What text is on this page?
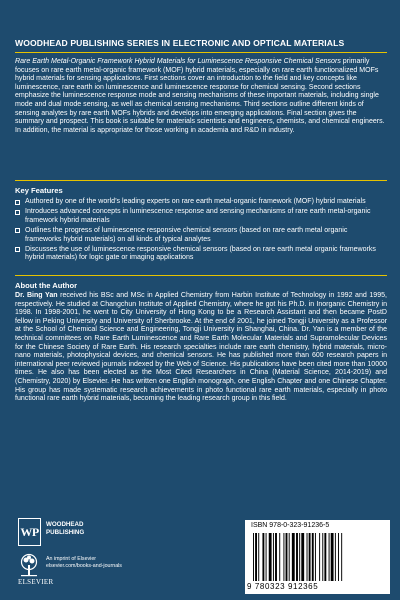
WOODHEAD PUBLISHING SERIES IN ELECTRONIC AND OPTICAL MATERIALS
Rare Earth Metal-Organic Framework Hybrid Materials for Luminescence Responsive Chemical Sensors primarily focuses on rare earth metal-organic framework (MOF) hybrid materials, especially on rare earth functionalized MOFs hybrid materials for sensing applications. First sections cover an introduction to the field and key concepts like luminescence, rare earth ion luminescence and luminescence response for chemical sensing. Second sections emphasize the luminescence response mode and sensing mechanisms of these important materials, including single mode and dual mode sensing, as well as chemical sensing mechanisms. Third sections outline different kinds of sensing analytes by rare earth MOFs hybrids and develops into emerging applications. Final section gives the summary and prospect. This book is suitable for materials scientists and engineers, chemists, and chemical engineers. In addition, the material is appropriate for those working in academia and R&D in industry.
Key Features
Authored by one of the world’s leading experts on rare earth metal-organic framework (MOF) hybrid materials
Introduces advanced concepts in luminescence response and sensing mechanisms of rare earth metal-organic framework hybrid materials
Outlines the progress of luminescence responsive chemical sensors (based on rare earth metal organic frameworks hybrid materials) on all kinds of typical analytes
Discusses the use of luminescence responsive chemical sensors (based on rare earth metal organic frameworks hybrid materials) for logic gate or imaging applications
About the Author
Dr. Bing Yan received his BSc and MSc in Applied Chemistry from Harbin Institute of Technology in 1992 and 1995, respectively. He studied at Changchun Institute of Applied Chemistry, where he got his Ph.D. in Inorganic Chemistry in 1998. In 1998-2001, he went to City University of Hong Kong to be a Research Assistant and then became PostD fellow in Peking University and University of Sherbrooke. At the end of 2001, he joined Tongji University as a Professor at the School of Chemical Science and Engineering, Tongji University in Shanghai, China. Dr. Yan is a member of the technical committees on Rare Earth Luminescence and Rare Earth Molecular Materials and Supramolecular Devices for the Chinese Society of Rare Earth. His research specialties include rare earth chemistry, hybrid materials, micro-nano materials, photophysical devices, and chemical sensors. He has published more than 600 research papers in international peer reviewed journals indexed by the Web of Science. His publications have been cited more than 10000 times. He also has been elected as the Most Cited Researchers in China (Material Science, 2014-2019) and (Chemistry, 2020) by Elsevier. He has written one English monograph, one English Chapter and one Chinese Chapter. His group has made systematic research achievements in photo functional rare earth materials, especially in photo functional rare earth hybrid materials, becoming the leading research group in this field.
WP	WOODHEAD
PUBLISHING
ELSEVIER
An imprint of Elsevier
elsevier.com/books-and-journals
ISBN 978-0-323-91236-5
9 780323 912365
